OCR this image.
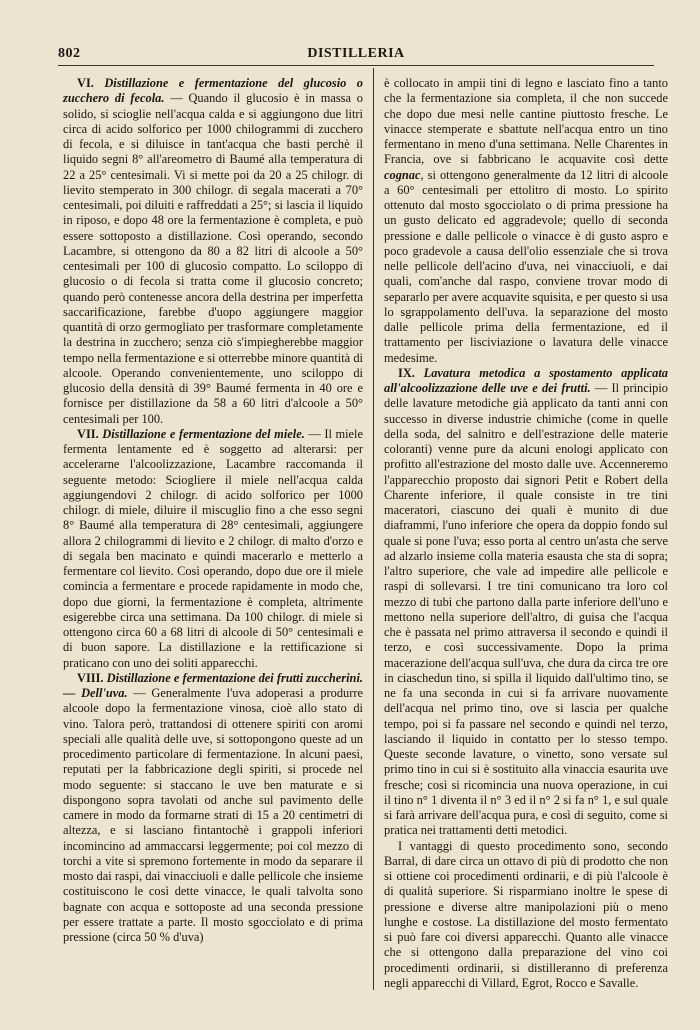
802	DISTILLERIA

VI. Distillazione e fermentazione del glucosio o zucchero di fecola. — Quando il glucosio è in massa o solido, si scioglie nell'acqua calda e si aggiungono due litri circa di acido solforico per 1000 chilogrammi di zucchero di fecola, e si diluisce in tant'acqua che basti perchè il liquido segni 8° all'areometro di Baumé alla temperatura di 22 a 25° centesimali. Vi si mette poi da 20 a 25 chilogr. di lievito stemperato in 300 chilogr. di segala macerati a 70° centesimali, poi diluiti e raffreddati a 25°; si lascia il liquido in riposo, e dopo 48 ore la fermentazione è completa, e può essere sottoposto a distillazione. Così operando, secondo Lacambre, si ottengono da 80 a 82 litri di alcoole a 50° centesimali per 100 di glucosio compatto. Lo sciloppo di glucosio o di fecola si tratta come il glucosio concreto; quando però contenesse ancora della destrina per imperfetta saccarificazione, farebbe d'uopo aggiungere maggior quantità di orzo germogliato per trasformare completamente la destrina in zucchero; senza ciò s'impiegherebbe maggior tempo nella fermentazione e si otterrebbe minore quantità di alcoole. Operando convenientemente, uno sciloppo di glucosio della densità di 39° Baumé fermenta in 40 ore e fornisce per distillazione da 58 a 60 litri d'alcoole a 50° centesimali per 100.

VII. Distillazione e fermentazione del miele. — Il miele fermenta lentamente ed è soggetto ad alterarsi: per accelerarne l'alcoolizzazione, Lacambre raccomanda il seguente metodo: Sciogliere il miele nell'acqua calda aggiungendovi 2 chilogr. di acido solforico per 1000 chilogr. di miele, diluire il miscuglio fino a che esso segni 8° Baumé alla temperatura di 28° centesimali, aggiungere allora 2 chilogrammi di lievito e 2 chilogr. di malto d'orzo e di segala ben macinato e quindi macerarlo e metterlo a fermentare col lievito. Così operando, dopo due ore il miele comincia a fermentare e procede rapidamente in modo che, dopo due giorni, la fermentazione è completa, altrimente esigerebbe circa una settimana. Da 100 chilogr. di miele si ottengono circa 60 a 68 litri di alcoole di 50° centesimali e di buon sapore. La distillazione e la rettificazione si praticano con uno dei soliti apparecchi.

VIII. Distillazione e fermentazione dei frutti zuccherini. — Dell'uva. — Generalmente l'uva adoperasi a produrre alcoole dopo la fermentazione vinosa, cioè allo stato di vino. Talora però, trattandosi di ottenere spiriti con aromi speciali alle qualità delle uve, si sottopongono queste ad un procedimento particolare di fermentazione. In alcuni paesi, reputati per la fabbricazione degli spiriti, si procede nel modo seguente: si staccano le uve ben maturate e si dispongono sopra tavolati od anche sul pavimento delle camere in modo da formarne strati di 15 a 20 centimetri di altezza, e si lasciano fintantochè i grappoli inferiori incomincino ad ammaccarsi leggermente; poi col mezzo di torchi a vite si spremono fortemente in modo da separare il mosto dai raspi, dai vinacciuoli e dalle pellicole che insieme costituiscono le così dette vinacce, le quali talvolta sono bagnate con acqua e sottoposte ad una seconda pressione per essere trattate a parte. Il mosto sgocciolato e di prima pressione (circa 50 % d'uva)

è collocato in ampii tini di legno e lasciato fino a tanto che la fermentazione sia completa, il che non succede che dopo due mesi nelle cantine piuttosto fresche. Le vinacce stemperate e sbattute nell'acqua entro un tino fermentano in meno d'una settimana. Nelle Charentes in Francia, ove si fabbricano le acquavite così dette cognac, si ottengono generalmente da 12 litri di alcoole a 60° centesimali per ettolitro di mosto. Lo spirito ottenuto dal mosto sgocciolato o di prima pressione ha un gusto delicato ed aggradevole; quello di seconda pressione e dalle pellicole o vinacce è di gusto aspro e poco gradevole a causa dell'olio essenziale che si trova nelle pellicole dell'acino d'uva, nei vinacciuoli, e dai quali, com'anche dal raspo, conviene trovar modo di separarlo per avere acquavite squisita, e per questo si usa lo sgrappolamento dell'uva. la separazione del mosto dalle pellicole prima della fermentazione, ed il trattamento per lisciviazione o lavatura delle vinacce medesime.

IX. Lavatura metodica a spostamento applicata all'alcoolizzazione delle uve e dei frutti. — Il principio delle lavature metodiche già applicato da tanti anni con successo in diverse industrie chimiche (come in quelle della soda, del salnitro e dell'estrazione delle materie coloranti) venne pure da alcuni enologi applicato con profitto all'estrazione del mosto dalle uve. Accenneremo l'apparecchio proposto dai signori Petit e Robert della Charente inferiore, il quale consiste in tre tini maceratori, ciascuno dei quali è munito di due diaframmi, l'uno inferiore che opera da doppio fondo sul quale si pone l'uva; esso porta al centro un'asta che serve ad alzarlo insieme colla materia esausta che sta di sopra; l'altro superiore, che vale ad impedire alle pellicole e raspi di sollevarsi. I tre tini comunicano tra loro col mezzo di tubi che partono dalla parte inferiore dell'uno e mettono nella superiore dell'altro, di guisa che l'acqua che è passata nel primo attraversa il secondo e quindi il terzo, e così successivamente. Dopo la prima macerazione dell'acqua sull'uva, che dura da circa tre ore in ciaschedun tino, si spilla il liquido dall'ultimo tino, se ne fa una seconda in cui si fa arrivare nuovamente dell'acqua nel primo tino, ove si lascia per qualche tempo, poi si fa passare nel secondo e quindi nel terzo, lasciando il liquido in contatto per lo stesso tempo. Queste seconde lavature, o vinetto, sono versate sul primo tino in cui si è sostituito alla vinaccia esaurita uve fresche; così si ricomincia una nuova operazione, in cui il tino n° 1 diventa il n° 3 ed il n° 2 si fa n° 1, e sul quale si farà arrivare dell'acqua pura, e così di seguito, come si pratica nei trattamenti detti metodici.

I vantaggi di questo procedimento sono, secondo Barral, di dare circa un ottavo di più di prodotto che non si ottiene coi procedimenti ordinarii, e di più l'alcoole è di qualità superiore. Si risparmiano inoltre le spese di pressione e diverse altre manipolazioni più o meno lunghe e costose. La distillazione del mosto fermentato si può fare coi diversi apparecchi. Quanto alle vinacce che si ottengono dalla preparazione del vino coi procedimenti ordinarii, si distilleranno di preferenza negli apparecchi di Villard, Egrot, Rocco e Savalle.
